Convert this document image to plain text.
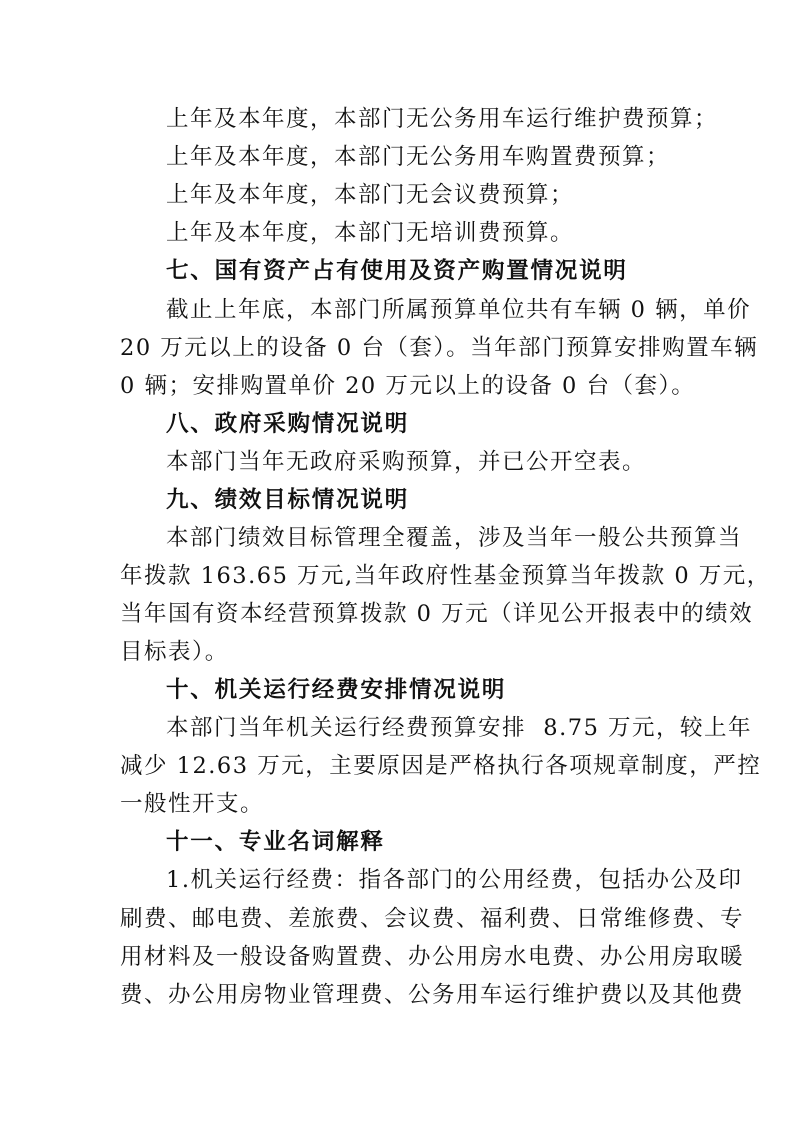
上年及本年度，本部门无公务用车运行维护费预算；
上年及本年度，本部门无公务用车购置费预算；
上年及本年度，本部门无会议费预算；
上年及本年度，本部门无培训费预算。
七、国有资产占有使用及资产购置情况说明
截止上年底，本部门所属预算单位共有车辆 0 辆，单价
20 万元以上的设备 0 台（套）。当年部门预算安排购置车辆
0 辆；安排购置单价 20 万元以上的设备 0 台（套）。
八、政府采购情况说明
本部门当年无政府采购预算，并已公开空表。
九、绩效目标情况说明
本部门绩效目标管理全覆盖，涉及当年一般公共预算当
年拨款 163.65 万元,当年政府性基金预算当年拨款 0 万元，
当年国有资本经营预算拨款 0 万元（详见公开报表中的绩效
目标表）。
十、机关运行经费安排情况说明
本部门当年机关运行经费预算安排  8.75 万元，较上年
减少 12.63 万元，主要原因是严格执行各项规章制度，严控
一般性开支。
十一、专业名词解释
1.机关运行经费：指各部门的公用经费，包括办公及印
刷费、邮电费、差旅费、会议费、福利费、日常维修费、专
用材料及一般设备购置费、办公用房水电费、办公用房取暖
费、办公用房物业管理费、公务用车运行维护费以及其他费
